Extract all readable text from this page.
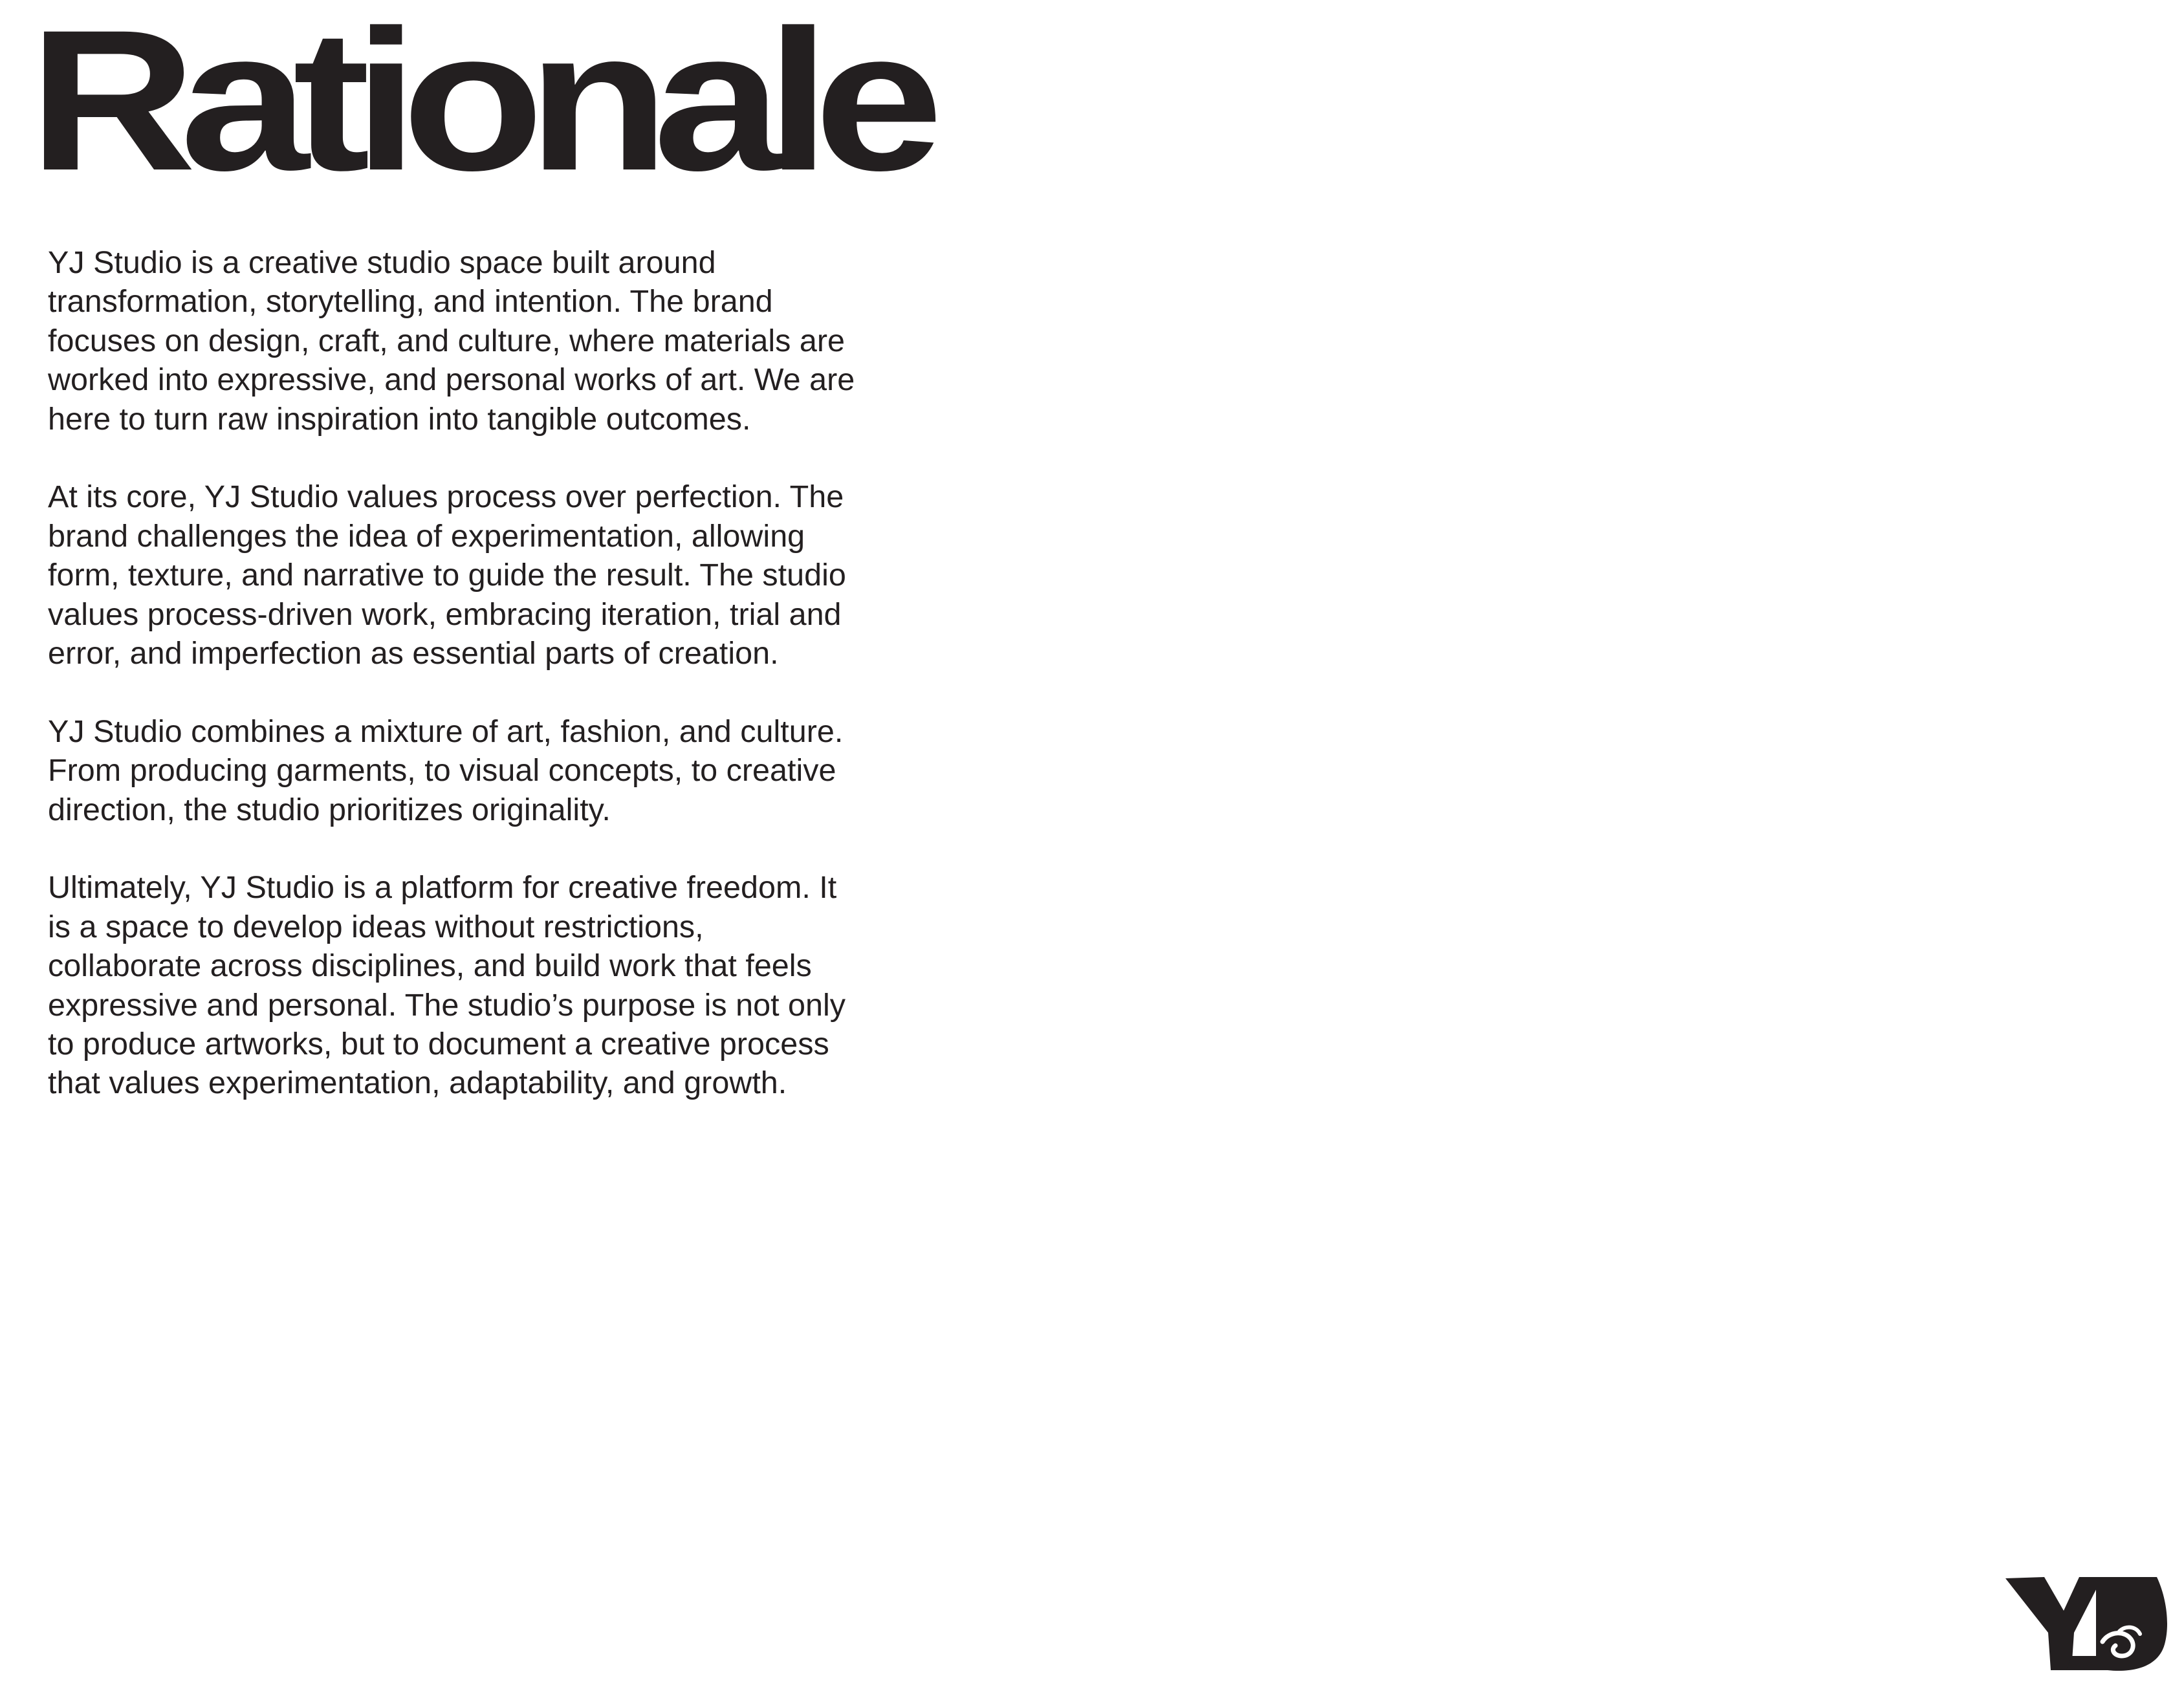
Rationale

YJ Studio is a creative studio space built around
transformation, storytelling, and intention. The brand
focuses on design, craft, and culture, where materials are
worked into expressive, and personal works of art. We are
here to turn raw inspiration into tangible outcomes.

At its core, YJ Studio values process over perfection. The
brand challenges the idea of experimentation, allowing
form, texture, and narrative to guide the result. The studio
values process-driven work, embracing iteration, trial and
error, and imperfection as essential parts of creation.

YJ Studio combines a mixture of art, fashion, and culture.
From producing garments, to visual concepts, to creative
direction, the studio prioritizes originality.

Ultimately, YJ Studio is a platform for creative freedom. It
is a space to develop ideas without restrictions,
collaborate across disciplines, and build work that feels
expressive and personal. The studio’s purpose is not only
to produce artworks, but to document a creative process
that values experimentation, adaptability, and growth.
